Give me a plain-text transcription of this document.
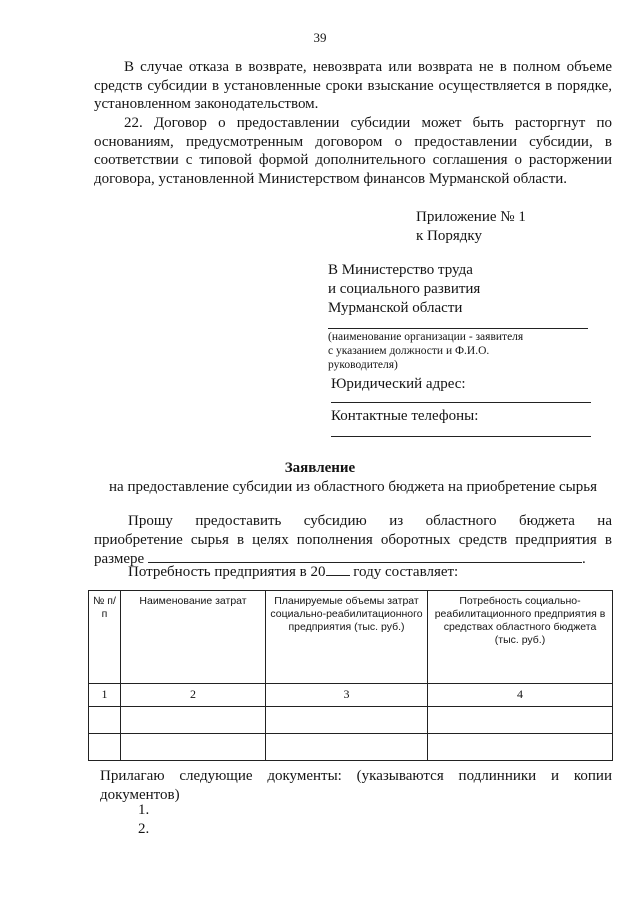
39
В случае отказа в возврате, невозврата или возврата не в полном объеме средств субсидии в установленные сроки взыскание осуществляется в порядке, установленном законодательством.
22. Договор о предоставлении субсидии может быть расторгнут по основаниям, предусмотренным договором о предоставлении субсидии, в соответствии с типовой формой дополнительного соглашения о расторжении договора, установленной Министерством финансов Мурманской области.
Приложение № 1
к Порядку
В Министерство труда
и социального развития
Мурманской области
(наименование организации - заявителя
с указанием должности и Ф.И.О.
руководителя)
Юридический адрес:
Контактные телефоны:
Заявление
на предоставление субсидии из областного бюджета на приобретение сырья
Прошу предоставить субсидию из областного бюджета на
приобретение сырья в целях пополнения оборотных средств предприятия в
размере	.
Потребность предприятия в 20 году составляет:
№ п/п	Наименование затрат	Планируемые объемы затрат социально-реабилитационного предприятия (тыс. руб.)	Потребность социально-реабилитационного предприятия в средствах областного бюджета (тыс. руб.)
1	2	3	4

Прилагаю следующие документы: (указываются подлинники и копии документов)
1.
2.
